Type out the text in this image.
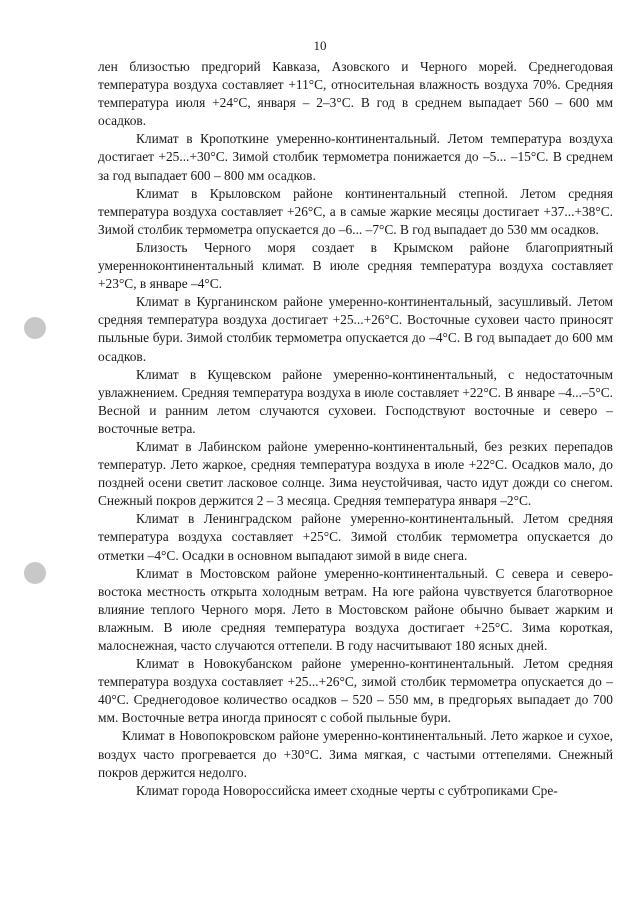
10

лен близостью предгорий Кавказа, Азовского и Черного морей. Среднегодовая температура воздуха составляет +11°С, относительная влажность воздуха 70%. Средняя температура июля +24°С, января – 2–3°С. В год в среднем выпадает 560 – 600 мм осадков.

Климат в Кропоткине умеренно-континентальный. Летом температура воздуха достигает +25...+30°С. Зимой столбик термометра понижается до –5... –15°С. В среднем за год выпадает 600 – 800 мм осадков.

Климат в Крыловском районе континентальный степной. Летом средняя температура воздуха составляет +26°С, а в самые жаркие месяцы достигает +37...+38°С. Зимой столбик термометра опускается до –6... –7°С. В год выпадает до 530 мм осадков.

Близость Черного моря создает в Крымском районе благоприятный умеренноконтинентальный климат. В июле средняя температура воздуха составляет +23°С, в январе –4°С.

Климат в Курганинском районе умеренно-континентальный, засушливый. Летом средняя температура воздуха достигает +25...+26°С. Восточные суховеи часто приносят пыльные бури. Зимой столбик термометра опускается до –4°С. В год выпадает до 600 мм осадков.

Климат в Кущевском районе умеренно-континентальный, с недостаточным увлажнением. Средняя температура воздуха в июле составляет +22°С. В январе –4...–5°С. Весной и ранним летом случаются суховеи. Господствуют восточные и северо – восточные ветра.

Климат в Лабинском районе умеренно-континентальный, без резких перепадов температур. Лето жаркое, средняя температура воздуха в июле +22°С. Осадков мало, до поздней осени светит ласковое солнце. Зима неустойчивая, часто идут дожди со снегом. Снежный покров держится 2 – 3 месяца. Средняя температура января –2°С.

Климат в Ленинградском районе умеренно-континентальный. Летом средняя температура воздуха составляет +25°С. Зимой столбик термометра опускается до отметки –4°С. Осадки в основном выпадают зимой в виде снега.

Климат в Мостовском районе умеренно-континентальный. С севера и северо- востока местность открыта холодным ветрам. На юге района чувствуется благотворное влияние теплого Черного моря. Лето в Мостовском районе обычно бывает жарким и влажным. В июле средняя температура воздуха достигает +25°С. Зима короткая, малоснежная, часто случаются оттепели. В году насчитывают 180 ясных дней.

Климат в Новокубанском районе умеренно-континентальный. Летом средняя температура воздуха составляет +25...+26°С, зимой столбик термометра опускается до –40°С. Среднегодовое количество осадков – 520 – 550 мм, в предгорьях выпадает до 700 мм. Восточные ветра иногда приносят с собой пыльные бури.

Климат в Новопокровском районе умеренно-континентальный. Лето жаркое и сухое, воздух часто прогревается до +30°С. Зима мягкая, с частыми оттепелями. Снежный покров держится недолго.

Климат города Новороссийска имеет сходные черты с субтропиками Сре-
